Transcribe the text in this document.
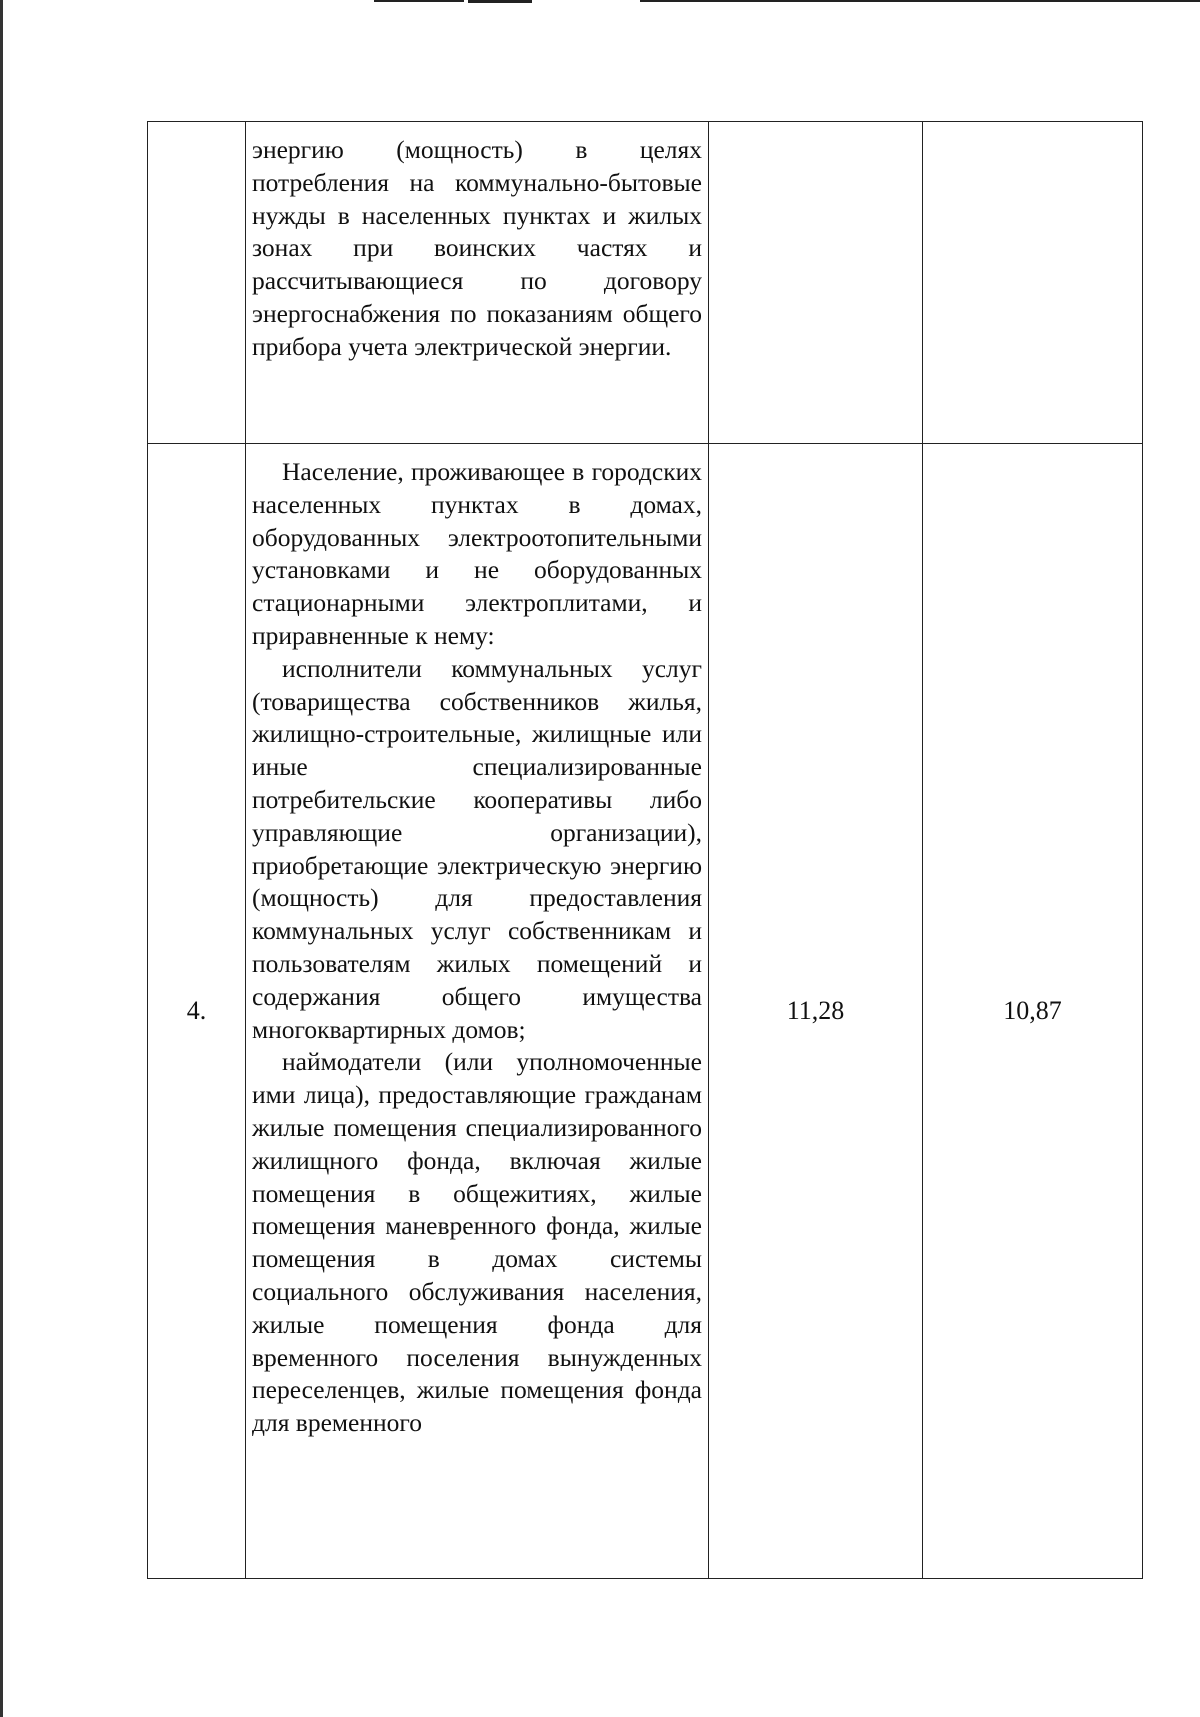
	энергию (мощность) в целях потребления на коммунально-бытовые нужды в населенных пунктах и жилых зонах при воинских частях и рассчитывающиеся по договору энергоснабжения по показаниям общего прибора учета электрической энергии.		

4.	Население, проживающее в городских населенных пунктах в домах, оборудованных электроотопительными установками и не оборудованных стационарными электроплитами, и приравненные к нему:

исполнители коммунальных услуг (товарищества собственников жилья, жилищно-строительные, жилищные или иные специализированные потребительские кооперативы либо управляющие организации), приобретающие электрическую энергию (мощность) для предоставления коммунальных услуг собственникам и пользователям жилых помещений и содержания общего имущества многоквартирных домов;

наймодатели (или уполномоченные ими лица), предоставляющие гражданам жилые помещения специализированного жилищного фонда, включая жилые помещения в общежитиях, жилые помещения маневренного фонда, жилые помещения в домах системы социального обслуживания населения, жилые помещения фонда для временного поселения вынужденных переселенцев, жилые помещения фонда для временного	11,28	10,87
